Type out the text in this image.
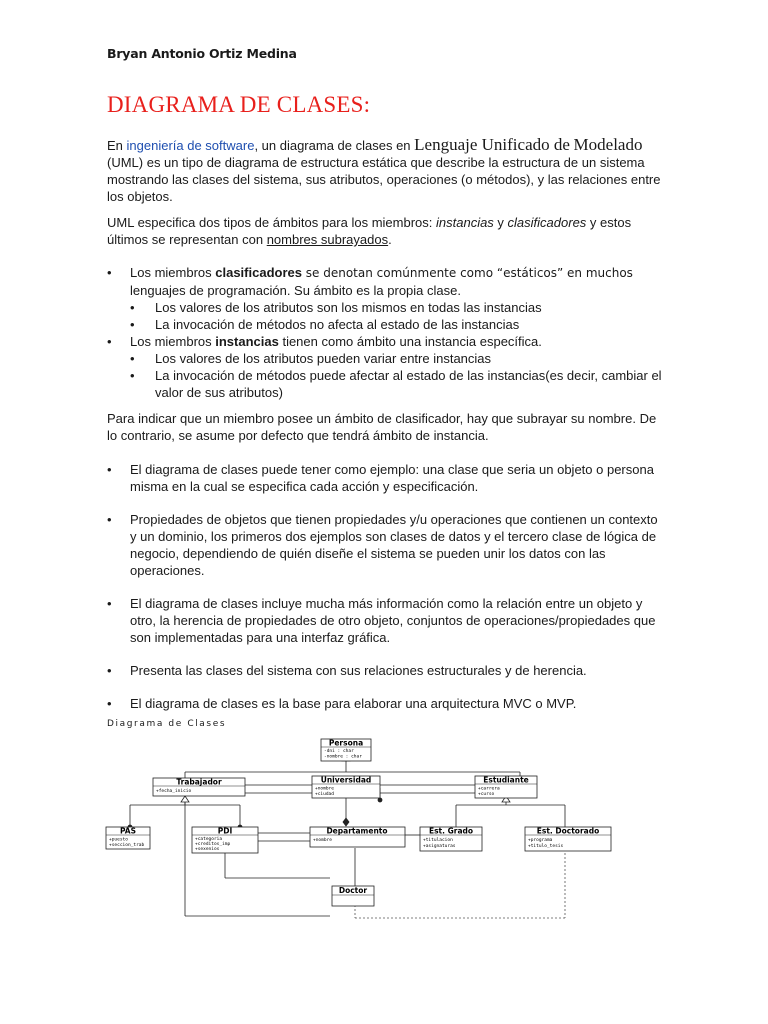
Bryan Antonio Ortiz Medina
DIAGRAMA DE CLASES:

En ingeniería de software, un diagrama de clases en Lenguaje Unificado de Modelado (UML) es un tipo de diagrama de estructura estática que describe la estructura de un sistema mostrando las clases del sistema, sus atributos, operaciones (o métodos), y las relaciones entre los objetos.

UML especifica dos tipos de ámbitos para los miembros: instancias y clasificadores y estos últimos se representan con nombres subrayados.

• Los miembros clasificadores se denotan comúnmente como “estáticos” en muchos lenguajes de programación. Su ámbito es la propia clase.
• Los valores de los atributos son los mismos en todas las instancias
• La invocación de métodos no afecta al estado de las instancias
• Los miembros instancias tienen como ámbito una instancia específica.
• Los valores de los atributos pueden variar entre instancias
• La invocación de métodos puede afectar al estado de las instancias(es decir, cambiar el valor de sus atributos)

Para indicar que un miembro posee un ámbito de clasificador, hay que subrayar su nombre. De lo contrario, se asume por defecto que tendrá ámbito de instancia.

• El diagrama de clases puede tener como ejemplo: una clase que seria un objeto o persona misma en la cual se especifica cada acción y especificación.
• Propiedades de objetos que tienen propiedades y/u operaciones que contienen un contexto y un dominio, los primeros dos ejemplos son clases de datos y el tercero clase de lógica de negocio, dependiendo de quién diseñe el sistema se pueden unir los datos con las operaciones.
• El diagrama de clases incluye mucha más información como la relación entre un objeto y otro, la herencia de propiedades de otro objeto, conjuntos de operaciones/propiedades que son implementadas para una interfaz gráfica.
• Presenta las clases del sistema con sus relaciones estructurales y de herencia.
• El diagrama de clases es la base para elaborar una arquitectura MVC o MVP.
Diagrama de Clases
Persona
-dni : char
-nombre : char
Trabajador
+fecha_inicio
Universidad
+nombre
+ciudad
Estudiante
+carrera
+curso
PAS
+puesto
+seccion_trab
PDI
+categoria
+creditos_imp
+sexenios
Departamento
+nombre
Est. Grado
+titulacion
+asignaturas
Est. Doctorado
+programa
+titulo_tesis
Doctor
